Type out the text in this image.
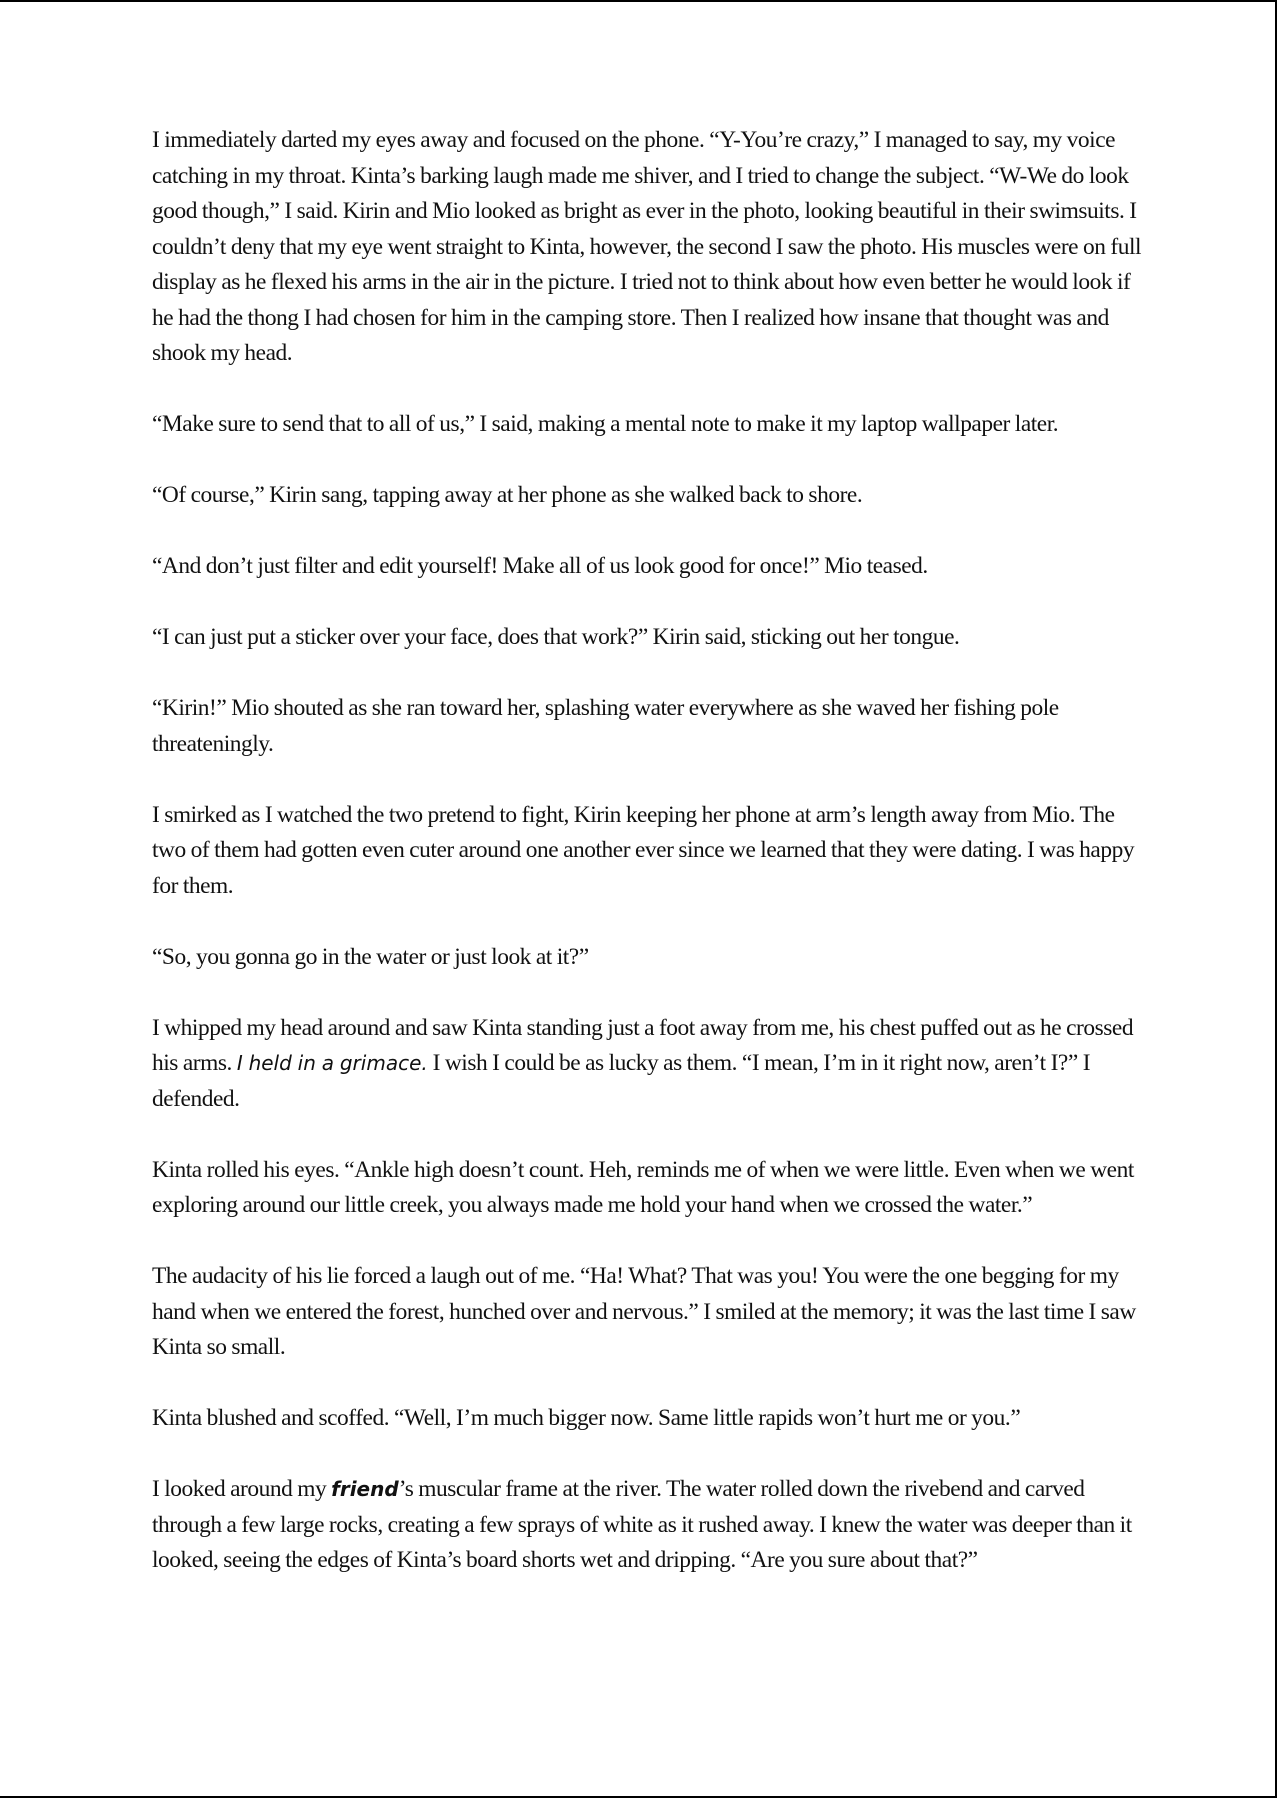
I immediately darted my eyes away and focused on the phone. “Y-You’re crazy,” I managed to say, my voice catching in my throat. Kinta’s barking laugh made me shiver, and I tried to change the subject. “W-We do look good though,” I said. Kirin and Mio looked as bright as ever in the photo, looking beautiful in their swimsuits. I couldn’t deny that my eye went straight to Kinta, however, the second I saw the photo. His muscles were on full display as he flexed his arms in the air in the picture. I tried not to think about how even better he would look if he had the thong I had chosen for him in the camping store. Then I realized how insane that thought was and shook my head.

“Make sure to send that to all of us,” I said, making a mental note to make it my laptop wallpaper later.

“Of course,” Kirin sang, tapping away at her phone as she walked back to shore.

“And don’t just filter and edit yourself! Make all of us look good for once!” Mio teased.

“I can just put a sticker over your face, does that work?” Kirin said, sticking out her tongue.

“Kirin!” Mio shouted as she ran toward her, splashing water everywhere as she waved her fishing pole threateningly.

I smirked as I watched the two pretend to fight, Kirin keeping her phone at arm’s length away from Mio. The two of them had gotten even cuter around one another ever since we learned that they were dating. I was happy for them.

“So, you gonna go in the water or just look at it?”

I whipped my head around and saw Kinta standing just a foot away from me, his chest puffed out as he crossed his arms. I held in a grimace. I wish I could be as lucky as them. “I mean, I’m in it right now, aren’t I?” I defended.

Kinta rolled his eyes. “Ankle high doesn’t count. Heh, reminds me of when we were little. Even when we went exploring around our little creek, you always made me hold your hand when we crossed the water.”

The audacity of his lie forced a laugh out of me. “Ha! What? That was you! You were the one begging for my hand when we entered the forest, hunched over and nervous.” I smiled at the memory; it was the last time I saw Kinta so small.

Kinta blushed and scoffed. “Well, I’m much bigger now. Same little rapids won’t hurt me or you.”

I looked around my friend’s muscular frame at the river. The water rolled down the rivebend and carved through a few large rocks, creating a few sprays of white as it rushed away. I knew the water was deeper than it looked, seeing the edges of Kinta’s board shorts wet and dripping. “Are you sure about that?”
